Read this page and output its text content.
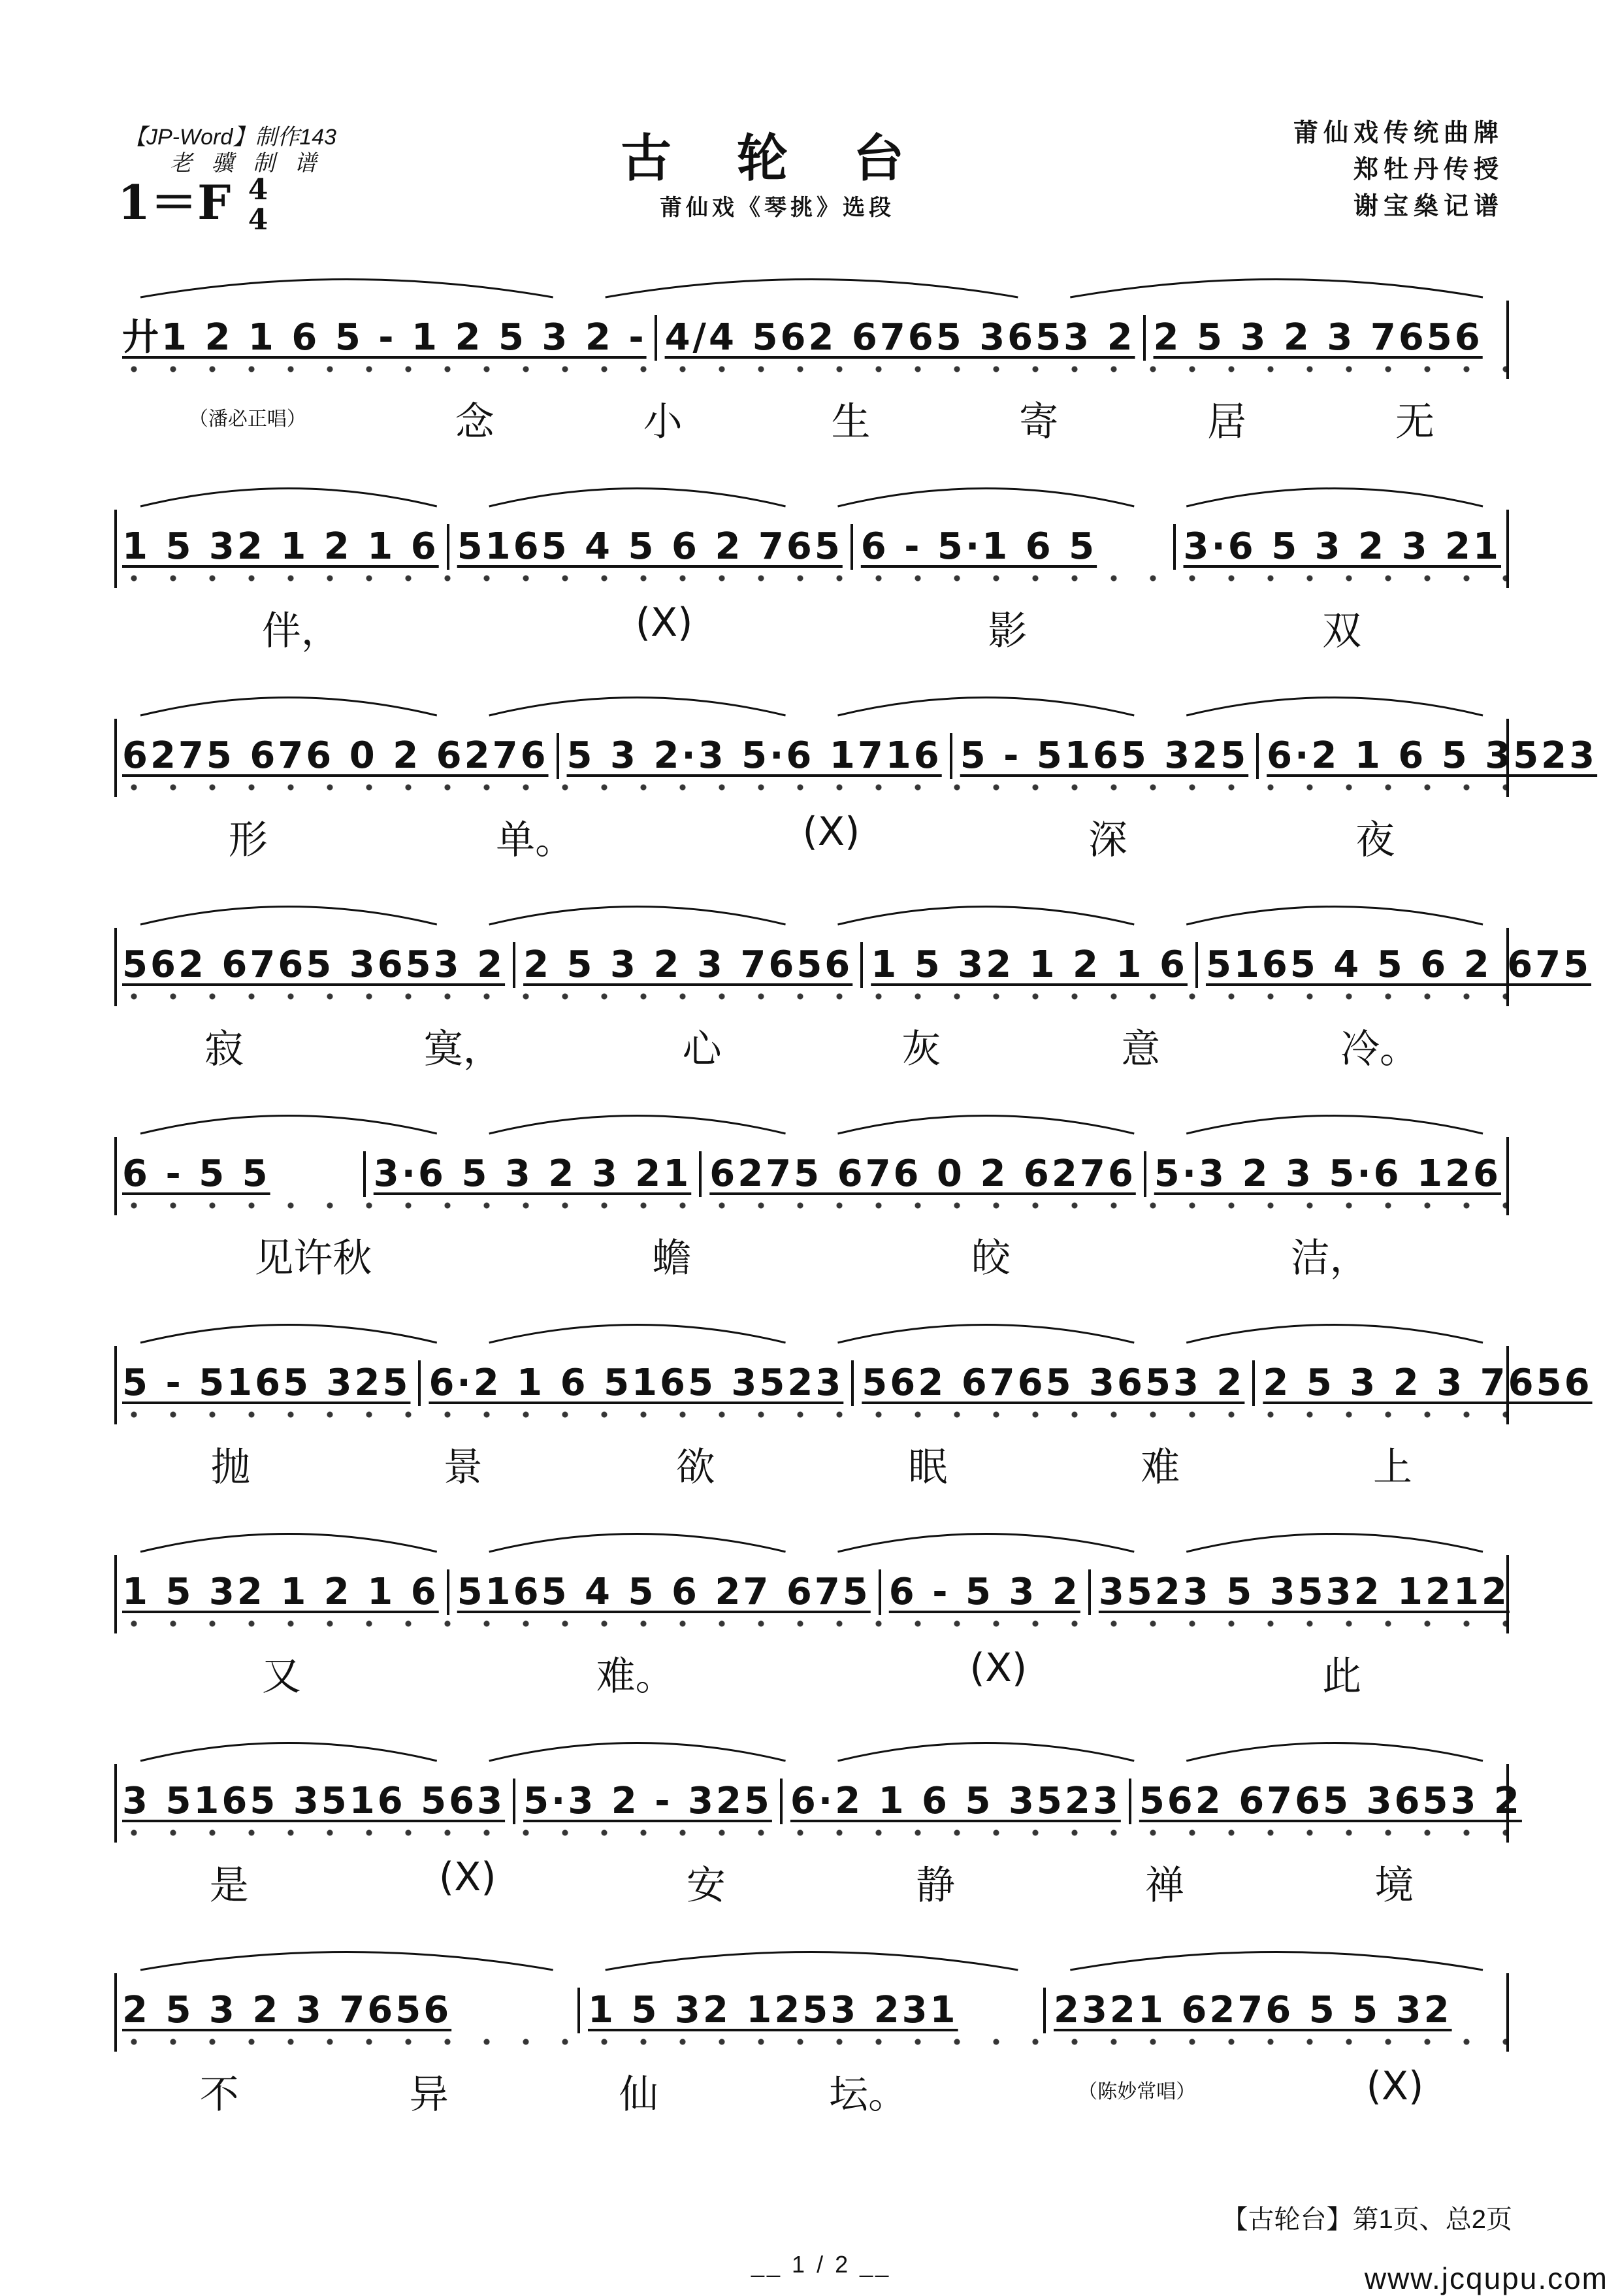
【JP-Word】制作143
老 骥 制 谱
1＝F 4
4
古轮台
莆仙戏《琴挑》选段
莆仙戏传统曲牌
郑牡丹传授
谢宝燊记谱
廾1 2 1 6 5 - 1 2 5 3 2 - 4/4 562 6765 3653 2 2 5 3 2 3 7656
（潘必正唱）	念	小	生	寄	居	无
1 5 32 1 2 1 6 5165 4 5 6 2 765 6 - 5·1 6 5	3·6 5 3 2 3 21
伴，	(X)	影	双
6275 676 0 2 6276 5 3 2·3 5·6 1716 5 - 5165 325 6·2 1 6 5 3523
形	单。	(X)	深	夜
562 6765 3653 2 2 5 3 2 3 7656 1 5 32 1 2 1 6 5165 4 5 6 2 675
寂	寞，	心	灰	意	冷。
6 - 5 5	3·6 5 3 2 3 21 6275 676 0 2 6276 5·3 2 3 5·6 126
见许秋	蟾	皎	洁，
5 - 5165 325 6·2 1 6 5165 3523 562 6765 3653 2 2 5 3 2 3 7656
抛	景	欲	眠	难	上
1 5 32 1 2 1 6 5165 4 5 6 27 675 6 - 5 3 2 3523 5 3532 1212
又	难。	(X)	此
3 5165 3516 563 5·3 2 - 325 6·2 1 6 5 3523 562 6765 3653 2
是	(X)	安	静	禅	境
2 5 3 2 3 7656	1 5 32 1253 231	2321 6276 5 5 32
不	异	仙	坛。	（陈妙常唱）	(X)
【古轮台】第1页、总2页
__ 1 / 2 __	www.jcqupu.com
